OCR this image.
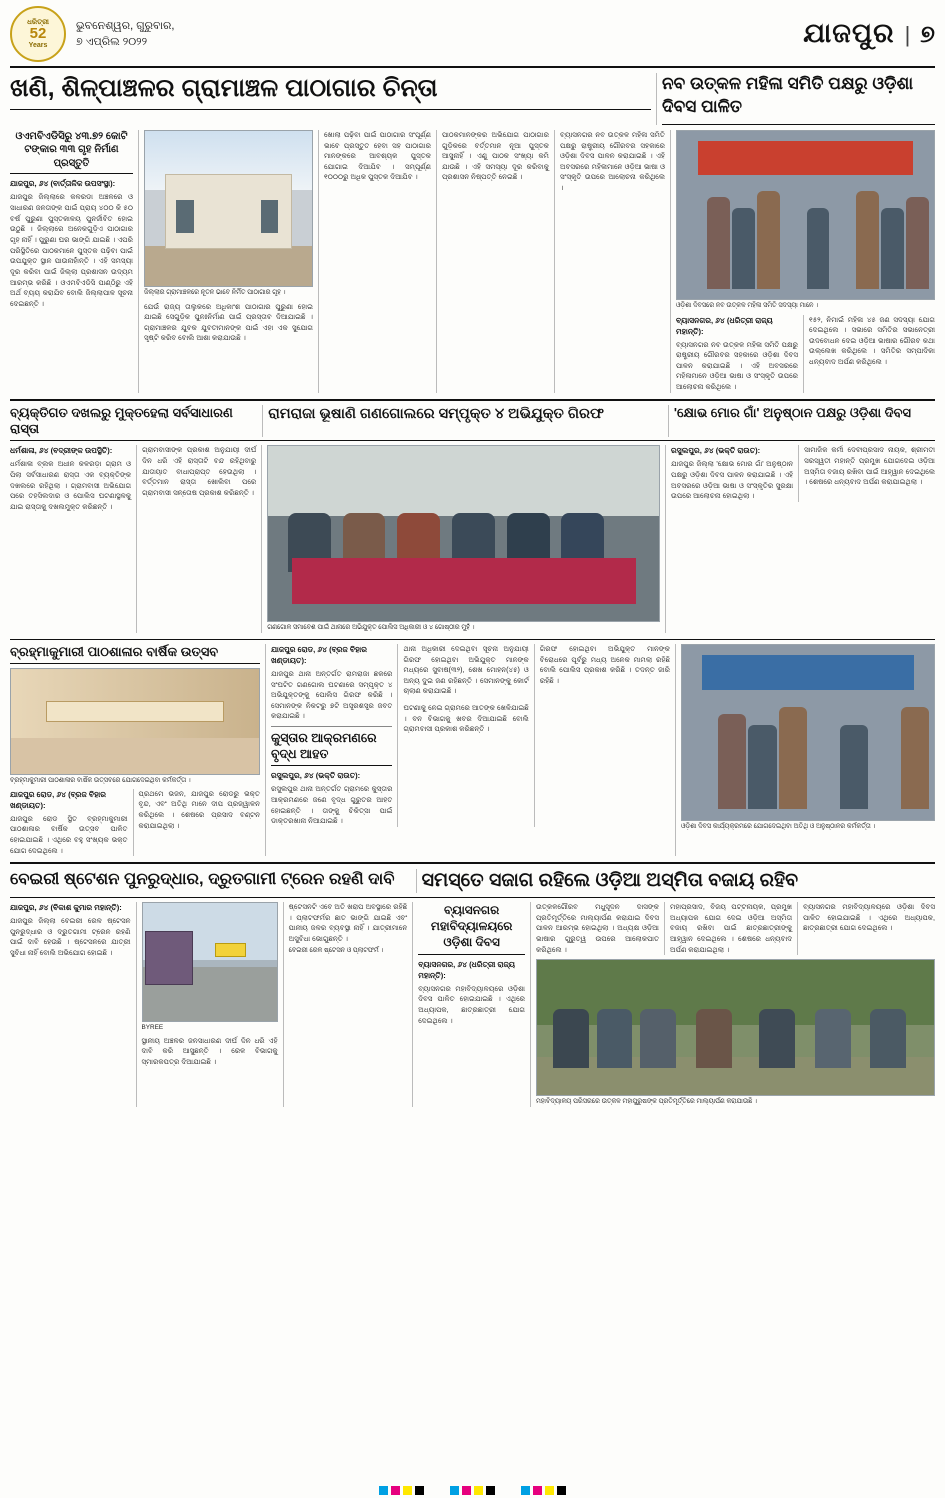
ଧରିତ୍ରୀ
52
Years
ଭୁବନେଶ୍ୱର, ଗୁରୁବାର,
୭ ଏପ୍ରିଲ ୨୦୨୨	ଯାଜପୁର | ୭
ଖଣି, ଶିଳ୍ପାଞ୍ଚଳର ଗ୍ରାମାଞ୍ଚଳ ପାଠାଗାର ଚିନ୍ତା	ନବ ଉତ୍କଳ ମହିଳା ସମିତି ପକ୍ଷରୁ ଓଡ଼ିଶା ଦିବସ ପାଳିତ
ଓଏମବିଏଡିସିରୁ ୪୩.୭୨ କୋଟି ଟଙ୍କାର ୩୩ ଗୃହ ନିର୍ମାଣ ପ୍ରସ୍ତୁତି
ଯାଜପୁର, ୬୪ (ବାର୍ତ୍ତାଳିକ ଉପସଂସ୍ଥା):
ଯାଜପୁର ଜିଲ୍ଲାରେ କଳରଡା ଅଞ୍ଚଳରେ ଓ ସାଧାରଣ ଜନତାଙ୍କ ପାଇଁ ପ୍ରାୟ ୪୦୦ କି ୫୦ ବର୍ଷ ପୁରୁଣା ପୁସ୍ତକାଳୟ ପୁନର୍ଜୀବିତ ହୋଇ ଉଠୁଛି । ଜିଲ୍ଲାରେ ଅନେକଗୁଡ଼ିଏ ପାଠାଗାର ଗୃହ ନାହିଁ । ପୁରୁଣା ଘର ଭାଙ୍ଗି ଯାଇଛି । ଏପରି ପରିସ୍ଥିତିରେ ପାଠକମାନେ ପୁସ୍ତକ ପଢ଼ିବା ପାଇଁ ଉପଯୁକ୍ତ ସ୍ଥାନ ପାଉନାହାଁନ୍ତି । ଏହି ସମସ୍ୟା ଦୂର କରିବା ପାଇଁ ଜିଲ୍ଲା ପ୍ରଶାସନ ଉଦ୍ୟମ ଆରମ୍ଭ କରିଛି । ଓଏମବିଏଡିସି ପାଣ୍ଠିରୁ ଏହି ଅର୍ଥ ବ୍ୟୟ କରାଯିବ ବୋଲି ଜିଲ୍ଲାପାଳ ସୂଚନା ଦେଇଛନ୍ତି ।
ଜିଲ୍ଲାର ଗ୍ରାମାଞ୍ଚଳରେ ନୂତନ ଭାବେ ନିର୍ମିତ ପାଠାଗାର ଗୃହ ।
ଯେଉଁ ରାଜ୍ୟ ତାଲୁକରେ ଅଧିକାଂଶ ପାଠାଗାର ପୁରୁଣା ହୋଇ ଯାଇଛି ସେଗୁଡ଼ିକ ପୁନଃନିର୍ମାଣ ପାଇଁ ପ୍ରସ୍ତାବ ଦିଆଯାଇଛି । ଗ୍ରାମାଞ୍ଚଳର ଯୁବକ ଯୁବତୀମାନଙ୍କ ପାଇଁ ଏହା ଏକ ସୁଯୋଗ ସୃଷ୍ଟି କରିବ ବୋଲି ଆଶା କରାଯାଉଛି ।
ଖୋଲା ପଢ଼ିବା ପାଇଁ ପାଠାଗାର ସଂପୂର୍ଣ୍ଣ ଭାବେ ପ୍ରସ୍ତୁତ ହେବା ସହ ପାଠାଗାର ମାନଙ୍କରେ ଆବଶ୍ୟକ ପୁସ୍ତକ ଯୋଗାଇ ଦିଆଯିବ । ସମ୍ପୂର୍ଣ୍ଣ ୧୦୦୦ରୁ ଅଧିକ ପୁସ୍ତକ ଦିଆଯିବ ।
ପାଠକମାନଙ୍କର ଅଭିଯୋଗ ପାଠାଗାର ଗୁଡ଼ିକରେ ବର୍ତ୍ତମାନ ନୂଆ ପୁସ୍ତକ ଆସୁନାହିଁ । ଏଣୁ ପାଠକ ସଂଖ୍ୟା କମି ଯାଉଛି । ଏହି ସମସ୍ୟା ଦୂର କରିବାକୁ ପ୍ରଶାସନ ନିଷ୍ପତ୍ତି ନେଇଛି ।
ବ୍ୟାସନଗର ନବ ଉତ୍କଳ ମହିଳା ସମିତି ପକ୍ଷରୁ ରାଷ୍ଟ୍ରୀୟ ଗୌରବର ସହକାରେ ଓଡ଼ିଶା ଦିବସ ପାଳନ କରାଯାଇଛି । ଏହି ଅବସରରେ ମହିଳାମାନେ ଓଡ଼ିଆ ଭାଷା ଓ ସଂସ୍କୃତି ଉପରେ ଆଲୋଚନା କରିଥିଲେ ।
ଓଡ଼ିଶା ଦିବସରେ ନବ ଉତ୍କଳ ମହିଳା ସମିତି ସଦସ୍ୟା ମାନେ ।
ବ୍ୟାସନଗର, ୬୪ (ଧରିତ୍ରୀ ରାଜ୍ୟ ମହାନ୍ତି):
ବ୍ୟାସନଗର ନବ ଉତ୍କଳ ମହିଳା ସମିତି ପକ୍ଷରୁ ରାଷ୍ଟ୍ରୀୟ ଗୌରବର ସହକାରେ ଓଡ଼ିଶା ଦିବସ ପାଳନ କରାଯାଇଛି । ଏହି ଅବସରରେ ମହିଳାମାନେ ଓଡ଼ିଆ ଭାଷା ଓ ସଂସ୍କୃତି ଉପରେ ଆଲୋଚନା କରିଥିଲେ ।
୧୫୨, ନିମାଇଁ ମହିଳା ୪୫ ଜଣ ସଦସ୍ୟା ଯୋଗ ଦେଇଥିଲେ । ସଭାରେ ସମିତିର ସଭାନେତ୍ରୀ ଉଦବୋଧନ ଦେଇ ଓଡ଼ିଆ ଭାଷାର ଗୌରବ କଥା ଉଲ୍ଲେଖ କରିଥିଲେ । ସମିତିର ସମ୍ପାଦିକା ଧନ୍ୟବାଦ ଅର୍ପଣ କରିଥିଲେ ।
ବ୍ୟକ୍ତିଗତ ଦଖଲରୁ ମୁକ୍ତହେଲା ସର୍ବସାଧାରଣ ରାସ୍ତା
ରାମରାଜା ଭୂଷାଣି ଗଣଗୋଲରେ ସମ୍ପୃକ୍ତ ୪ ଅଭିଯୁକ୍ତ ଗିରଫ	'କ୍ଷୋଭ ମୋର ଗାଁ' ଅନୁଷ୍ଠାନ ପକ୍ଷରୁ ଓଡ଼ିଶା ଦିବସ
ଧର୍ମଶାଳା, ୬୪ (ବଦ୍ରୀଙ୍କ ଉପସ୍ଥିତି):
ଧର୍ମଶାଳା ବ୍ଲକ ଅଧୀନ କଳରଡ଼ା ଗ୍ରାମ ଓ ପିଲା ସର୍ବସାଧାରଣ ରାସ୍ତା ଏକ ବ୍ୟକ୍ତିଙ୍କ ଦଖଲରେ ରହିଥିଲା । ଗ୍ରାମବାସୀ ଅଭିଯୋଗ ପରେ ତହସିଲଦାର ଓ ପୋଲିସ ଘଟଣାସ୍ଥଳକୁ ଯାଇ ରାସ୍ତାକୁ ଦଖଲମୁକ୍ତ କରିଛନ୍ତି ।
ଗ୍ରାମବାସୀଙ୍କ ପ୍ରକାଶ ଅନୁଯାୟୀ ଦୀର୍ଘ ଦିନ ଧରି ଏହି ରାସ୍ତାଟି ବନ୍ଦ ରହିଥିବାରୁ ଯାତାୟାତ ବାଧାପ୍ରାପ୍ତ ହେଉଥିଲା । ବର୍ତ୍ତମାନ ରାସ୍ତା ଖୋଲିବା ପରେ ଗ୍ରାମବାସୀ ସନ୍ତୋଷ ପ୍ରକାଶ କରିଛନ୍ତି ।
ଗଣଗୋଳ ସମାବେଶ ପାଇଁ ଥାନାରେ ଅଭିଯୁକ୍ତ ପୋଲିସ ଅଧିକାରୀ ଓ ୪ ଗୋଷ୍ଠୀର ମୁହଁ ।
ରସୁଲପୁର, ୬୪ (ଭକ୍ତି ରାଉତ):
ଯାଜପୁର ଜିଲ୍ଲା 'କ୍ଷୋଭ ମୋର ଗାଁ' ଅନୁଷ୍ଠାନ ପକ୍ଷରୁ ଓଡ଼ିଶା ଦିବସ ପାଳନ କରାଯାଇଛି । ଏହି ଅବସରରେ ଓଡ଼ିଆ ଭାଷା ଓ ସଂସ୍କୃତିର ସୁରକ୍ଷା ଉପରେ ଆଲୋଚନା ହୋଇଥିଲା ।
ସାମାଜିକ କର୍ମୀ ଦେବୀପ୍ରସାଦ ନାୟକ, ଶ୍ରୀମତୀ ସରସ୍ୱତୀ ମହାନ୍ତି ପ୍ରମୁଖ ଯୋଗଦେଇ ଓଡ଼ିଆ ଅସ୍ମିତା ବଜାୟ ରଖିବା ପାଇଁ ଆହ୍ୱାନ ଦେଇଥିଲେ । ଶେଷରେ ଧନ୍ୟବାଦ ଅର୍ପଣ କରାଯାଇଥିଲା ।
ବ୍ରହ୍ମାକୁମାରୀ ପାଠଶାଳାର ବାର୍ଷିକ ଉତ୍ସବ
ବ୍ରହ୍ମାକୁମାରୀ ପାଠଶାଳାର ବାର୍ଷିକ ଉତ୍ସବରେ ଯୋଗଦେଇଥିବା କର୍ମକର୍ତ୍ତା ।
ଯାଜପୁର ରୋଡ, ୬୪ (ବ୍ରଜ ବିହାର ଖଣ୍ଡାୟତ):
ଯାଜପୁର ରୋଡ ସ୍ଥିତ ବ୍ରହ୍ମାକୁମାରୀ ପାଠଶାଳାର ବାର୍ଷିକ ଉତ୍ସବ ପାଳିତ ହୋଇଯାଇଛି । ଏଥିରେ ବହୁ ସଂଖ୍ୟକ ଭକ୍ତ ଯୋଗ ଦେଇଥିଲେ ।
ପ୍ରଥମେ ଭଜନ, ଯାଜପୁର ରୋଡରୁ ଭକ୍ତ ବୃନ୍ଦ, ଏବଂ ଅତିଥି ମାନେ ଦୀପ ପ୍ରଜ୍ୱାଳନ କରିଥିଲେ । ଶେଷରେ ପ୍ରସାଦ ବଣ୍ଟନ କରାଯାଇଥିଲା ।
ଯାଜପୁର ରୋଡ, ୬୪ (ବ୍ରଜ ବିହାର ଖଣ୍ଡାୟତ):
ଯାଜପୁର ଥାନା ଅନ୍ତର୍ଗତ ରାମରାଜା ଛକରେ ସଂଘଟିତ ଗଣଗୋଲ ଘଟଣାରେ ସମ୍ପୃକ୍ତ ୪ ଅଭିଯୁକ୍ତଙ୍କୁ ପୋଲିସ ଗିରଫ କରିଛି । ସେମାନଙ୍କ ନିକଟରୁ ୭ଟି ଅସ୍ତ୍ରଶସ୍ତ୍ର ଜବତ କରାଯାଇଛି ।
କୁସ୍ତାର ଆକ୍ରମଣରେ ବୃଦ୍ଧ ଆହତ
ରସୁଲପୁର, ୬୪ (ଭକ୍ତି ରାଉତ):
ରସୁଲପୁର ଥାନା ଅନ୍ତର୍ଗତ ଗ୍ରାମରେ କୁସ୍ତାର ଆକ୍ରମଣରେ ଜଣେ ବୃଦ୍ଧ ଗୁରୁତର ଆହତ ହୋଇଛନ୍ତି । ତାଙ୍କୁ ଚିକିତ୍ସା ପାଇଁ ଡାକ୍ତରଖାନା ନିଆଯାଇଛି ।
ଥାନା ଅଧିକାରୀ ଦେଇଥିବା ସୂଚନା ଅନୁଯାୟୀ ଗିରଫ ହୋଇଥିବା ଅଭିଯୁକ୍ତ ମାନଙ୍କ ମଧ୍ୟରେ ସୁବାଷ(୩୨), ଶେଖ ମୋହନ(୪୫) ଓ ଅନ୍ୟ ଦୁଇ ଜଣ ରହିଛନ୍ତି । ସେମାନଙ୍କୁ କୋର୍ଟ ଚାଲାଣ କରାଯାଇଛି ।
ଘଟଣାକୁ ନେଇ ଗ୍ରାମରେ ଆତଙ୍କ ଖେଳିଯାଇଛି । ବନ ବିଭାଗକୁ ଖବର ଦିଆଯାଇଛି ବୋଲି ଗ୍ରାମବାସୀ ପ୍ରକାଶ କରିଛନ୍ତି ।
ଗିରଫ ହୋଇଥିବା ଅଭିଯୁକ୍ତ ମାନଙ୍କ ବିରୋଧରେ ପୂର୍ବରୁ ମଧ୍ୟ ଅନେକ ମାମଲା ରହିଛି ବୋଲି ପୋଲିସ ପ୍ରକାଶ କରିଛି । ତଦନ୍ତ ଜାରି ରହିଛି ।
ଓଡ଼ିଶା ଦିବସ କାର୍ଯ୍ୟକ୍ରମରେ ଯୋଗଦେଇଥିବା ଅତିଥି ଓ ଅନୁଷ୍ଠାନର କର୍ମକର୍ତ୍ତା ।
ବେଇରୀ ଷ୍ଟେଶନ ପୁନରୁଦ୍ଧାର, ଦ୍ରୁତଗାମୀ ଟ୍ରେନ ରହଣି ଦାବି	ସମସ୍ତେ ସଜାଗ ରହିଲେ ଓଡ଼ିଆ ଅସ୍ମିତା ବଜାୟ ରହିବ
ଯାଜପୁର, ୬୪ (ବିକାଶ କୁମାର ମହାନ୍ତି):
ଯାଜପୁର ଜିଲ୍ଲା ବେଇରୀ ରେଳ ଷ୍ଟେସନ ପୁନରୁଦ୍ଧାର ଓ ଦ୍ରୁତଗାମୀ ଟ୍ରେନ ରହଣି ପାଇଁ ଦାବି ହେଉଛି । ଷ୍ଟେସନରେ ଯାତ୍ରୀ ସୁବିଧା ନାହିଁ ବୋଲି ଅଭିଯୋଗ ହୋଇଛି ।
BYREE
ସ୍ଥାନୀୟ ଅଞ୍ଚଳର ଜନସାଧାରଣ ଦୀର୍ଘ ଦିନ ଧରି ଏହି ଦାବି କରି ଆସୁଛନ୍ତି । ରେଳ ବିଭାଗକୁ ସ୍ମାରକପତ୍ର ଦିଆଯାଇଛି ।
ଷ୍ଟେସନଟି ଏବେ ଅତି ଖରାପ ଅବସ୍ଥାରେ ରହିଛି । ପ୍ଲାଟଫର୍ମର ଛାତ ଭାଙ୍ଗି ଯାଇଛି ଏବଂ ପାନୀୟ ଜଳର ବ୍ୟବସ୍ଥା ନାହିଁ । ଯାତ୍ରୀମାନେ ଅସୁବିଧା ଭୋଗୁଛନ୍ତି ।
ବେଇରୀ ରେଳ ଷ୍ଟେସନ ଓ ପ୍ଲାଟଫର୍ମ ।
ବ୍ୟାସନଗର ମହାବିଦ୍ୟାଳୟରେ ଓଡ଼ିଶା ଦିବସ
ବ୍ୟାସନଗର, ୬୪ (ଧରିତ୍ରୀ ରାଜ୍ୟ ମହାନ୍ତି):
ବ୍ୟାସନଗର ମହାବିଦ୍ୟାଳୟରେ ଓଡ଼ିଶା ଦିବସ ପାଳିତ ହୋଇଯାଇଛି । ଏଥିରେ ଅଧ୍ୟାପକ, ଛାତ୍ରଛାତ୍ରୀ ଯୋଗ ଦେଇଥିଲେ ।
ଉତ୍କଳଗୌରବ ମଧୁସୂଦନ ଦାସଙ୍କ ପ୍ରତିମୂର୍ତ୍ତିରେ ମାଲ୍ୟାର୍ପଣ କରାଯାଇ ଦିବସ ପାଳନ ଆରମ୍ଭ ହୋଇଥିଲା । ଅଧ୍ୟକ୍ଷ ଓଡ଼ିଆ ଭାଷାର ଗୁରୁତ୍ୱ ଉପରେ ଆଲୋକପାତ କରିଥିଲେ ।
ମହାପ୍ରସାଦ, ବିଜୟ ପଟ୍ଟନାୟକ, ପ୍ରମୁଖ ଅଧ୍ୟାପକ ଯୋଗ ଦେଇ ଓଡ଼ିଆ ଅସ୍ମିତା ବଜାୟ ରଖିବା ପାଇଁ ଛାତ୍ରଛାତ୍ରୀଙ୍କୁ ଆହ୍ୱାନ ଦେଇଥିଲେ । ଶେଷରେ ଧନ୍ୟବାଦ ଅର୍ପଣ କରାଯାଇଥିଲା ।
ବ୍ୟାସନଗର ମହାବିଦ୍ୟାଳୟରେ ଓଡ଼ିଶା ଦିବସ ପାଳିତ ହୋଇଯାଇଛି । ଏଥିରେ ଅଧ୍ୟାପକ, ଛାତ୍ରଛାତ୍ରୀ ଯୋଗ ଦେଇଥିଲେ ।
ମହାବିଦ୍ୟାଳୟ ପରିସରରେ ଉତ୍କଳ ମହାପୁରୁଷଙ୍କ ପ୍ରତିମୂର୍ତ୍ତିରେ ମାଲ୍ୟାର୍ପଣ କରାଯାଉଛି ।
